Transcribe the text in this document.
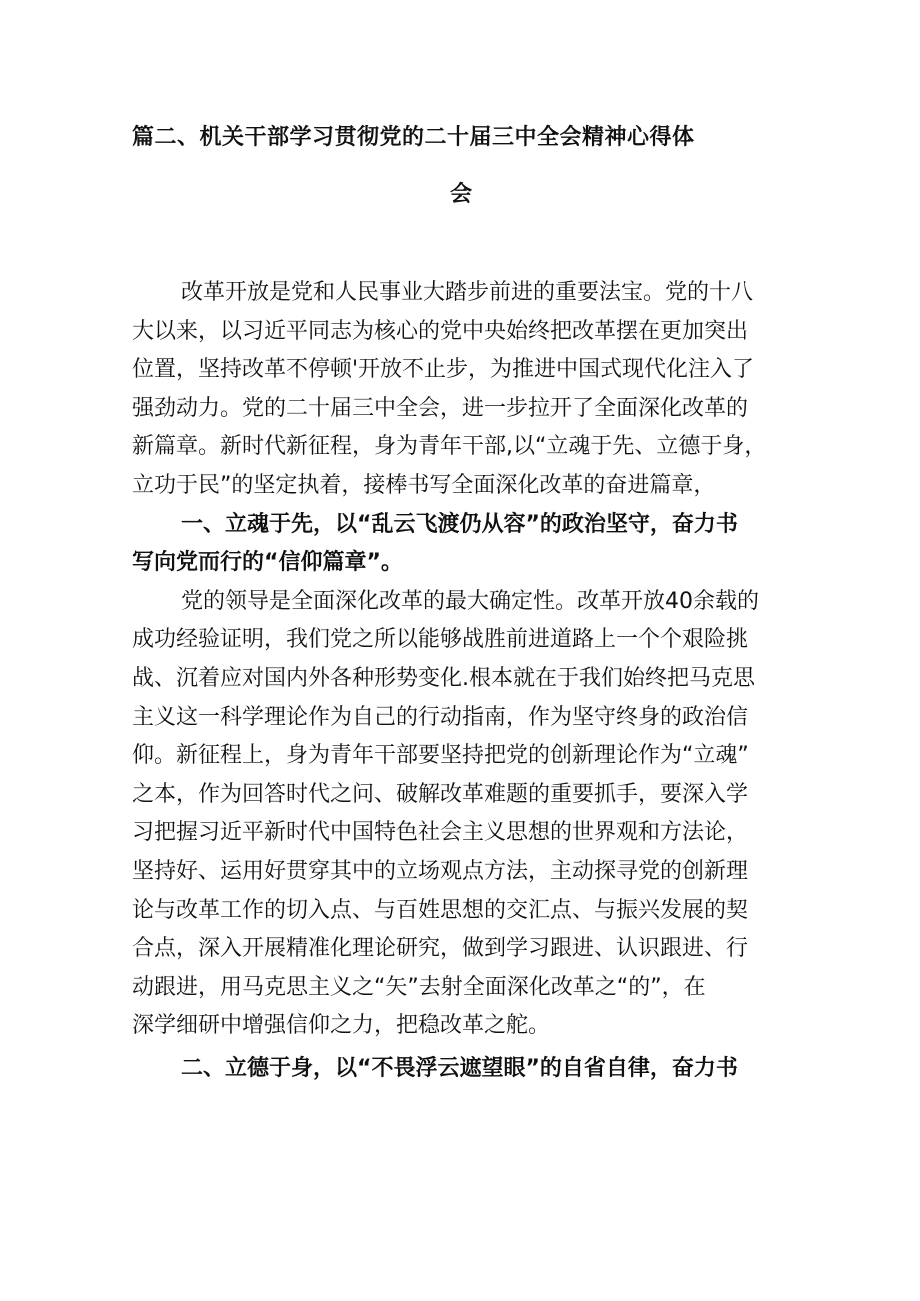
篇二、机关干部学习贯彻党的二十届三中全会精神心得体
会
改革开放是党和人民事业大踏步前进的重要法宝。党的十八
大以来，以习近平同志为核心的党中央始终把改革摆在更加突出
位置，坚持改革不停顿'开放不止步，为推进中国式现代化注入了
强劲动力。党的二十届三中全会，进一步拉开了全面深化改革的
新篇章。新时代新征程，身为青年干部,以“立魂于先、立德于身，
立功于民”的坚定执着，接棒书写全面深化改革的奋进篇章，
一、立魂于先，以“乱云飞渡仍从容”的政治坚守，奋力书
写向党而行的“信仰篇章”。
党的领导是全面深化改革的最大确定性。改革开放40余载的
成功经验证明，我们党之所以能够战胜前进道路上一个个艰险挑
战、沉着应对国内外各种形势变化.根本就在于我们始终把马克思
主义这一科学理论作为自己的行动指南，作为坚守终身的政治信
仰。新征程上，身为青年干部要坚持把党的创新理论作为“立魂”
之本，作为回答时代之问、破解改革难题的重要抓手，要深入学
习把握习近平新时代中国特色社会主义思想的世界观和方法论，
坚持好、运用好贯穿其中的立场观点方法，主动探寻党的创新理
论与改革工作的切入点、与百姓思想的交汇点、与振兴发展的契
合点，深入开展精准化理论研究，做到学习跟进、认识跟进、行
动跟进，用马克思主义之“矢”去射全面深化改革之“的”，在
深学细研中增强信仰之力，把稳改革之舵。
二、立德于身，以“不畏浮云遮望眼”的自省自律，奋力书
